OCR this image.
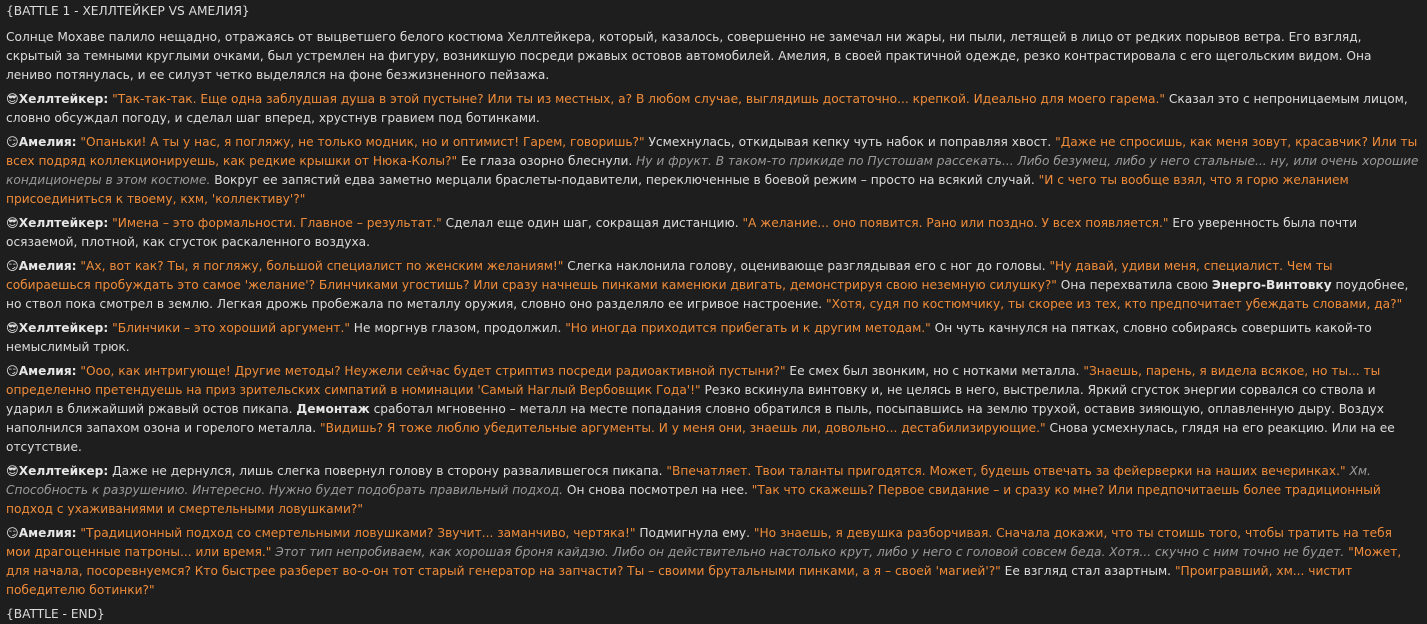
{BATTLE 1 - ХЕЛЛТЕЙКЕР VS АМЕЛИЯ}

Солнце Мохаве палило нещадно, отражаясь от выцветшего белого костюма Хеллтейкера, который, казалось, совершенно не замечал ни жары, ни пыли, летящей в лицо от редких порывов ветра. Его взгляд, скрытый за темными круглыми очками, был устремлен на фигуру, возникшую посреди ржавых остовов автомобилей. Амелия, в своей практичной одежде, резко контрастировала с его щегольским видом. Она лениво потянулась, и ее силуэт четко выделялся на фоне безжизненного пейзажа.

😎Хеллтейкер: "Так-так-так. Еще одна заблудшая душа в этой пустыне? Или ты из местных, а? В любом случае, выглядишь достаточно... крепкой. Идеально для моего гарема." Сказал это с непроницаемым лицом, словно обсуждал погоду, и сделал шаг вперед, хрустнув гравием под ботинками.

😏Амелия: "Опаньки! А ты у нас, я погляжу, не только модник, но и оптимист! Гарем, говоришь?" Усмехнулась, откидывая кепку чуть набок и поправляя хвост. "Даже не спросишь, как меня зовут, красавчик? Или ты всех подряд коллекционируешь, как редкие крышки от Нюка-Колы?" Ее глаза озорно блеснули. Ну и фрукт. В таком-то прикиде по Пустошам рассекать... Либо безумец, либо у него стальные... ну, или очень хорошие кондиционеры в этом костюме. Вокруг ее запястий едва заметно мерцали браслеты-подавители, переключенные в боевой режим – просто на всякий случай. "И с чего ты вообще взял, что я горю желанием присоединиться к твоему, кхм, 'коллективу'?"

😎Хеллтейкер: "Имена – это формальности. Главное – результат." Сделал еще один шаг, сокращая дистанцию. "А желание... оно появится. Рано или поздно. У всех появляется." Его уверенность была почти осязаемой, плотной, как сгусток раскаленного воздуха.

😏Амелия: "Ах, вот как? Ты, я погляжу, большой специалист по женским желаниям!" Слегка наклонила голову, оценивающе разглядывая его с ног до головы. "Ну давай, удиви меня, специалист. Чем ты собираешься пробуждать это самое 'желание'? Блинчиками угостишь? Или сразу начнешь пинками каменюки двигать, демонстрируя свою неземную силушку?" Она перехватила свою Энерго-Винтовку поудобнее, но ствол пока смотрел в землю. Легкая дрожь пробежала по металлу оружия, словно оно разделяло ее игривое настроение. "Хотя, судя по костюмчику, ты скорее из тех, кто предпочитает убеждать словами, да?"

😎Хеллтейкер: "Блинчики – это хороший аргумент." Не моргнув глазом, продолжил. "Но иногда приходится прибегать и к другим методам." Он чуть качнулся на пятках, словно собираясь совершить какой-то немыслимый трюк.

😏Амелия: "Ооо, как интригующе! Другие методы? Неужели сейчас будет стриптиз посреди радиоактивной пустыни?" Ее смех был звонким, но с нотками металла. "Знаешь, парень, я видела всякое, но ты... ты определенно претендуешь на приз зрительских симпатий в номинации 'Самый Наглый Вербовщик Года'!" Резко вскинула винтовку и, не целясь в него, выстрелила. Яркий сгусток энергии сорвался со ствола и ударил в ближайший ржавый остов пикапа. Демонтаж сработал мгновенно – металл на месте попадания словно обратился в пыль, посыпавшись на землю трухой, оставив зияющую, оплавленную дыру. Воздух наполнился запахом озона и горелого металла. "Видишь? Я тоже люблю убедительные аргументы. И у меня они, знаешь ли, довольно... дестабилизирующие." Снова усмехнулась, глядя на его реакцию. Или на ее отсутствие.

😎Хеллтейкер: Даже не дернулся, лишь слегка повернул голову в сторону развалившегося пикапа. "Впечатляет. Твои таланты пригодятся. Может, будешь отвечать за фейерверки на наших вечеринках." Хм. Способность к разрушению. Интересно. Нужно будет подобрать правильный подход. Он снова посмотрел на нее. "Так что скажешь? Первое свидание – и сразу ко мне? Или предпочитаешь более традиционный подход с ухаживаниями и смертельными ловушками?"

😏Амелия: "Традиционный подход со смертельными ловушками? Звучит... заманчиво, чертяка!" Подмигнула ему. "Но знаешь, я девушка разборчивая. Сначала докажи, что ты стоишь того, чтобы тратить на тебя мои драгоценные патроны... или время." Этот тип непробиваем, как хорошая броня кайдзю. Либо он действительно настолько крут, либо у него с головой совсем беда. Хотя... скучно с ним точно не будет. "Может, для начала, посоревнуемся? Кто быстрее разберет во-о-он тот старый генератор на запчасти? Ты – своими брутальными пинками, а я – своей 'магией'?" Ее взгляд стал азартным. "Проигравший, хм... чистит победителю ботинки?"

{BATTLE - END}
